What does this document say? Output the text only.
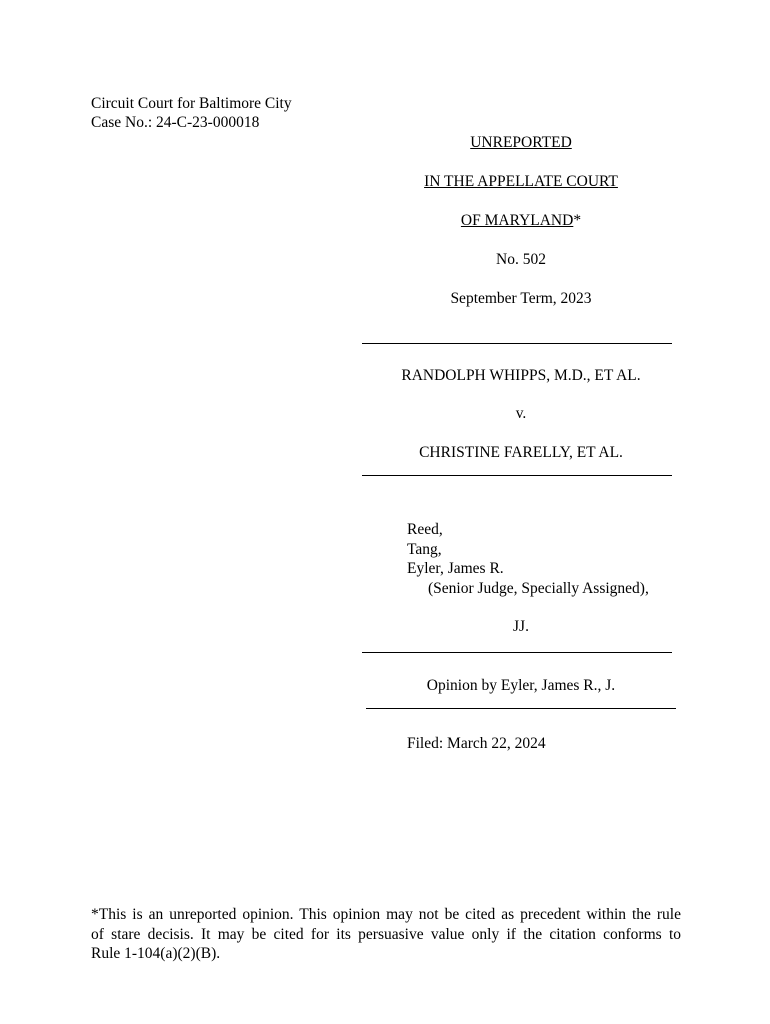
Circuit Court for Baltimore City
Case No.: 24-C-23-000018
UNREPORTED
IN THE APPELLATE COURT
OF MARYLAND*
No. 502
September Term, 2023
RANDOLPH WHIPPS, M.D., ET AL.
v.
CHRISTINE FARELLY, ET AL.
Reed,
Tang,
Eyler, James R.
(Senior Judge, Specially Assigned),
JJ.
Opinion by Eyler, James R., J.
Filed: March 22, 2024
*This is an unreported opinion. This opinion may not be cited as precedent within the rule
of stare decisis. It may be cited for its persuasive value only if the citation conforms to
Rule 1-104(a)(2)(B).
